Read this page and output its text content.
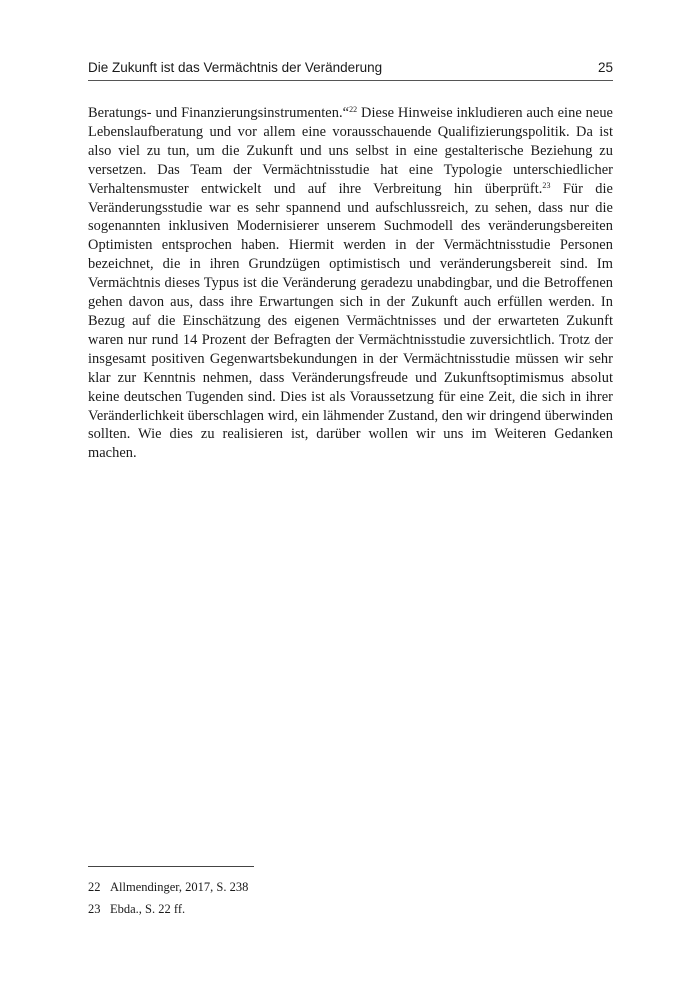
Die Zukunft ist das Vermächtnis der Veränderung	25

Beratungs- und Finanzierungsinstrumenten.“$^{22}$ Diese Hinweise inkludieren auch eine neue Lebenslaufberatung und vor allem eine vorausschauende Qualifizierungspolitik. Da ist also viel zu tun, um die Zukunft und uns selbst in eine gestalterische Beziehung zu versetzen. Das Team der Vermächtnisstudie hat eine Typologie unterschiedlicher Verhaltensmuster entwickelt und auf ihre Verbreitung hin überprüft.$^{23}$ Für die Veränderungsstudie war es sehr spannend und aufschlussreich, zu sehen, dass nur die sogenannten inklusiven Modernisierer unserem Suchmodell des veränderungsbereiten Optimisten entsprochen haben. Hiermit werden in der Vermächtnisstudie Personen bezeichnet, die in ihren Grundzügen optimistisch und veränderungsbereit sind. Im Vermächtnis dieses Typus ist die Veränderung geradezu unabdingbar, und die Betroffenen gehen davon aus, dass ihre Erwartungen sich in der Zukunft auch erfüllen werden. In Bezug auf die Einschätzung des eigenen Vermächtnisses und der erwarteten Zukunft waren nur rund 14 Prozent der Befragten der Vermächtnisstudie zuversichtlich. Trotz der insgesamt positiven Gegenwartsbekundungen in der Vermächtnisstudie müssen wir sehr klar zur Kenntnis nehmen, dass Veränderungsfreude und Zukunftsoptimismus absolut keine deutschen Tugenden sind. Dies ist als Voraussetzung für eine Zeit, die sich in ihrer Veränderlichkeit überschlagen wird, ein lähmender Zustand, den wir dringend überwinden sollten. Wie dies zu realisieren ist, darüber wollen wir uns im Weiteren Gedanken machen.

22 Allmendinger, 2017, S. 238
23 Ebda., S. 22 ff.
